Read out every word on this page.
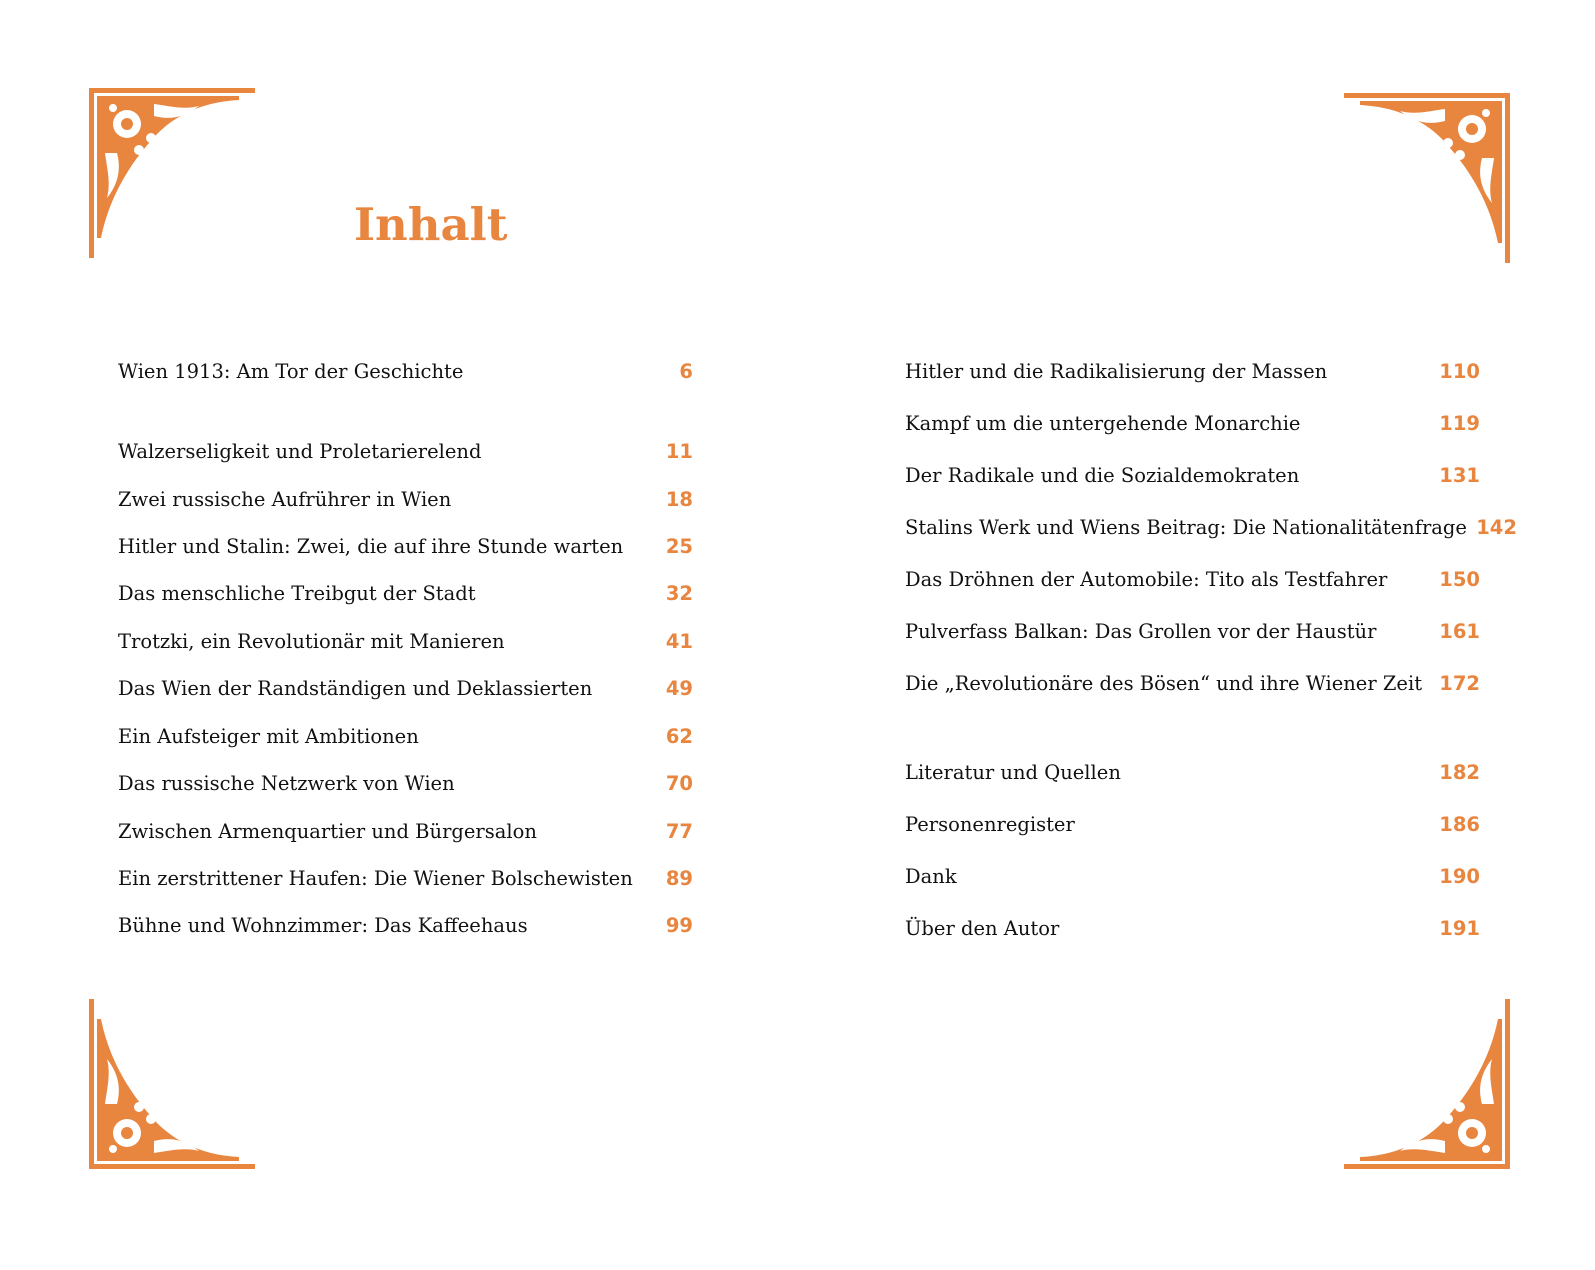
Inhalt
Wien 1913: Am Tor der Geschichte	6
Walzerseligkeit und Proletarierelend	11
Zwei russische Aufrührer in Wien	18
Hitler und Stalin: Zwei, die auf ihre Stunde warten	25
Das menschliche Treibgut der Stadt	32
Trotzki, ein Revolutionär mit Manieren	41
Das Wien der Randständigen und Deklassierten	49
Ein Aufsteiger mit Ambitionen	62
Das russische Netzwerk von Wien	70
Zwischen Armenquartier und Bürgersalon	77
Ein zerstrittener Haufen: Die Wiener Bolschewisten	89
Bühne und Wohnzimmer: Das Kaffeehaus	99
Hitler und die Radikalisierung der Massen	110
Kampf um die untergehende Monarchie	119
Der Radikale und die Sozialdemokraten	131
Stalins Werk und Wiens Beitrag: Die Nationalitätenfrage 142
Das Dröhnen der Automobile: Tito als Testfahrer	150
Pulverfass Balkan: Das Grollen vor der Haustür	161
Die „Revolutionäre des Bösen“ und ihre Wiener Zeit 172
Literatur und Quellen	182
Personenregister	186
Dank	190
Über den Autor	191
